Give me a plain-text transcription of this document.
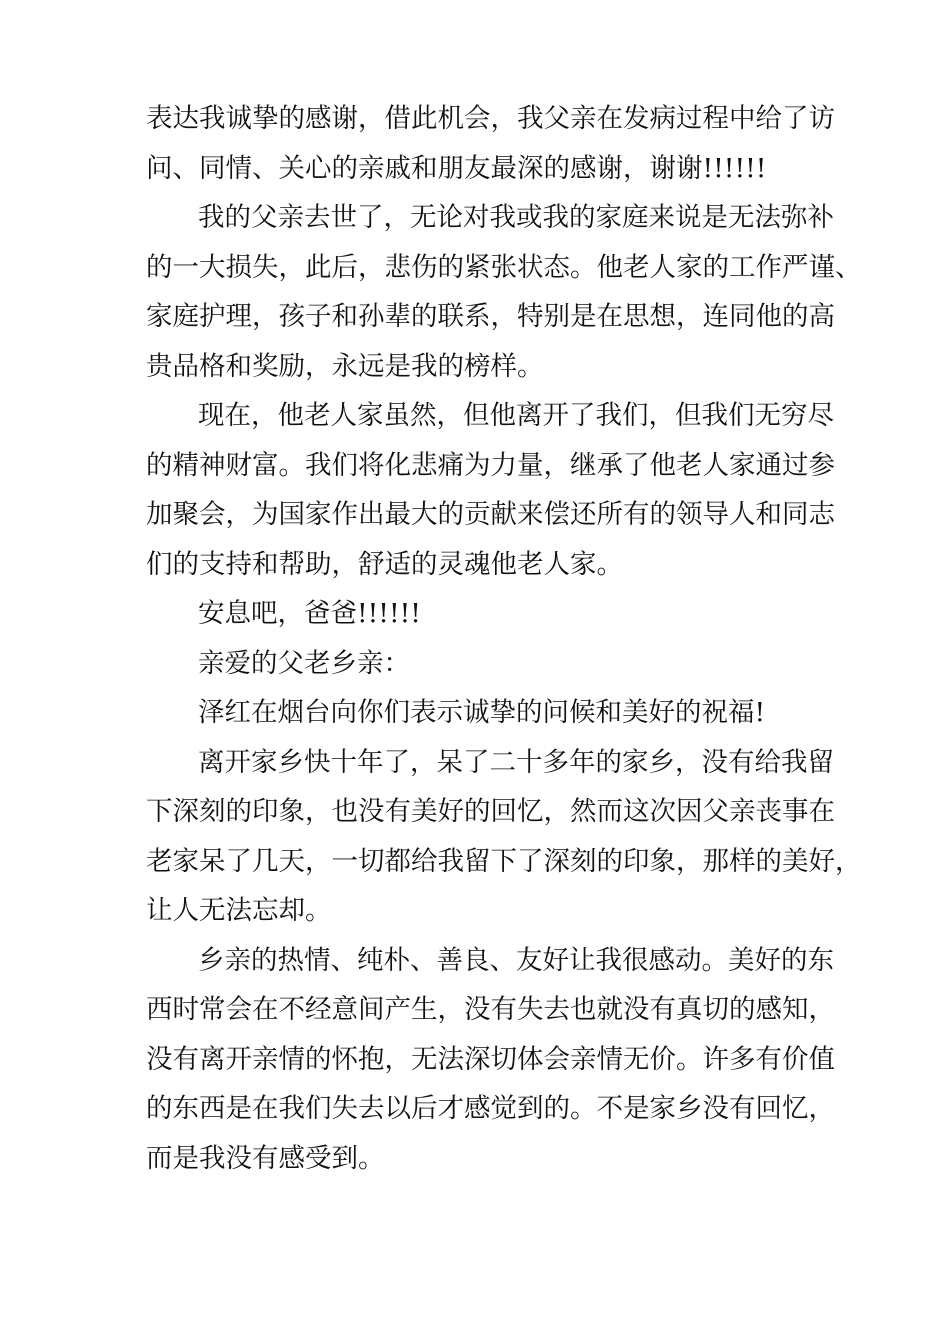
表达我诚挚的感谢，借此机会，我父亲在发病过程中给了访

问、同情、关心的亲戚和朋友最深的感谢，谢谢!!!!!!

我的父亲去世了，无论对我或我的家庭来说是无法弥补

的一大损失，此后，悲伤的紧张状态。他老人家的工作严谨、

家庭护理，孩子和孙辈的联系，特别是在思想，连同他的高

贵品格和奖励，永远是我的榜样。

现在，他老人家虽然，但他离开了我们，但我们无穷尽

的精神财富。我们将化悲痛为力量，继承了他老人家通过参

加聚会，为国家作出最大的贡献来偿还所有的领导人和同志

们的支持和帮助，舒适的灵魂他老人家。

安息吧，爸爸!!!!!!

亲爱的父老乡亲：

泽红在烟台向你们表示诚挚的问候和美好的祝福!

离开家乡快十年了，呆了二十多年的家乡，没有给我留

下深刻的印象，也没有美好的回忆，然而这次因父亲丧事在

老家呆了几天，一切都给我留下了深刻的印象，那样的美好，

让人无法忘却。

乡亲的热情、纯朴、善良、友好让我很感动。美好的东

西时常会在不经意间产生，没有失去也就没有真切的感知，

没有离开亲情的怀抱，无法深切体会亲情无价。许多有价值

的东西是在我们失去以后才感觉到的。不是家乡没有回忆，

而是我没有感受到。
